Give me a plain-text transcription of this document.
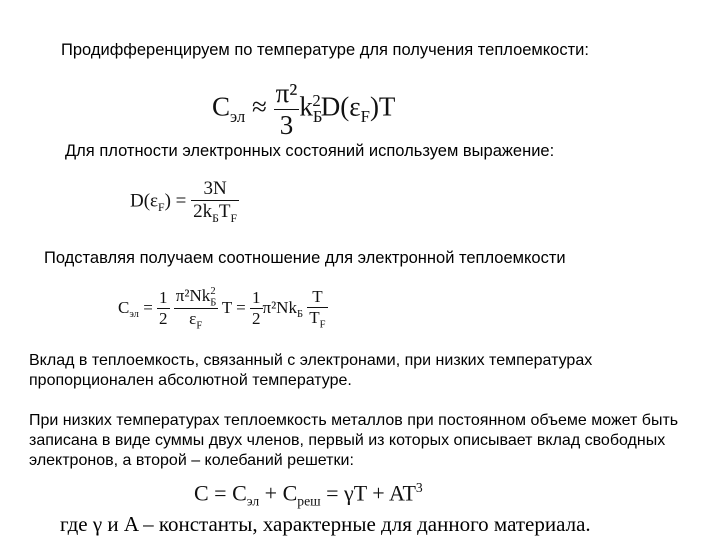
Продифференцируем по температуре для получения теплоемкости:
$C_{эл} \approx \frac{\text{π²}}{3} k_Б^2D(\varepsilon_F)T$
Для плотности электронных состояний используем выражение:
$D(\varepsilon_F) = \frac{3N}{2k_БT_F}$
Подставляя получаем соотношение для электронной теплоемкости
$C_{эл} = \frac{1}{2}$
$\frac{\pi^2Nk_Б^2}{\varepsilon_F}$ $T = \frac{1}{2} \pi^2Nk_Б \frac{T}{T_F}$
Вклад в теплоемкость, связанный с электронами, при низких температурах пропорционален абсолютной температуре.
При низких температурах теплоемкость металлов при постоянном объеме может быть записана в виде суммы двух членов, первый из которых описывает вклад свободных электронов, а второй – колебаний решетки:
$C = C_{эл} + C_{реш} = \gamma T + AT^3$
где γ и A – константы, характерные для данного материала.
